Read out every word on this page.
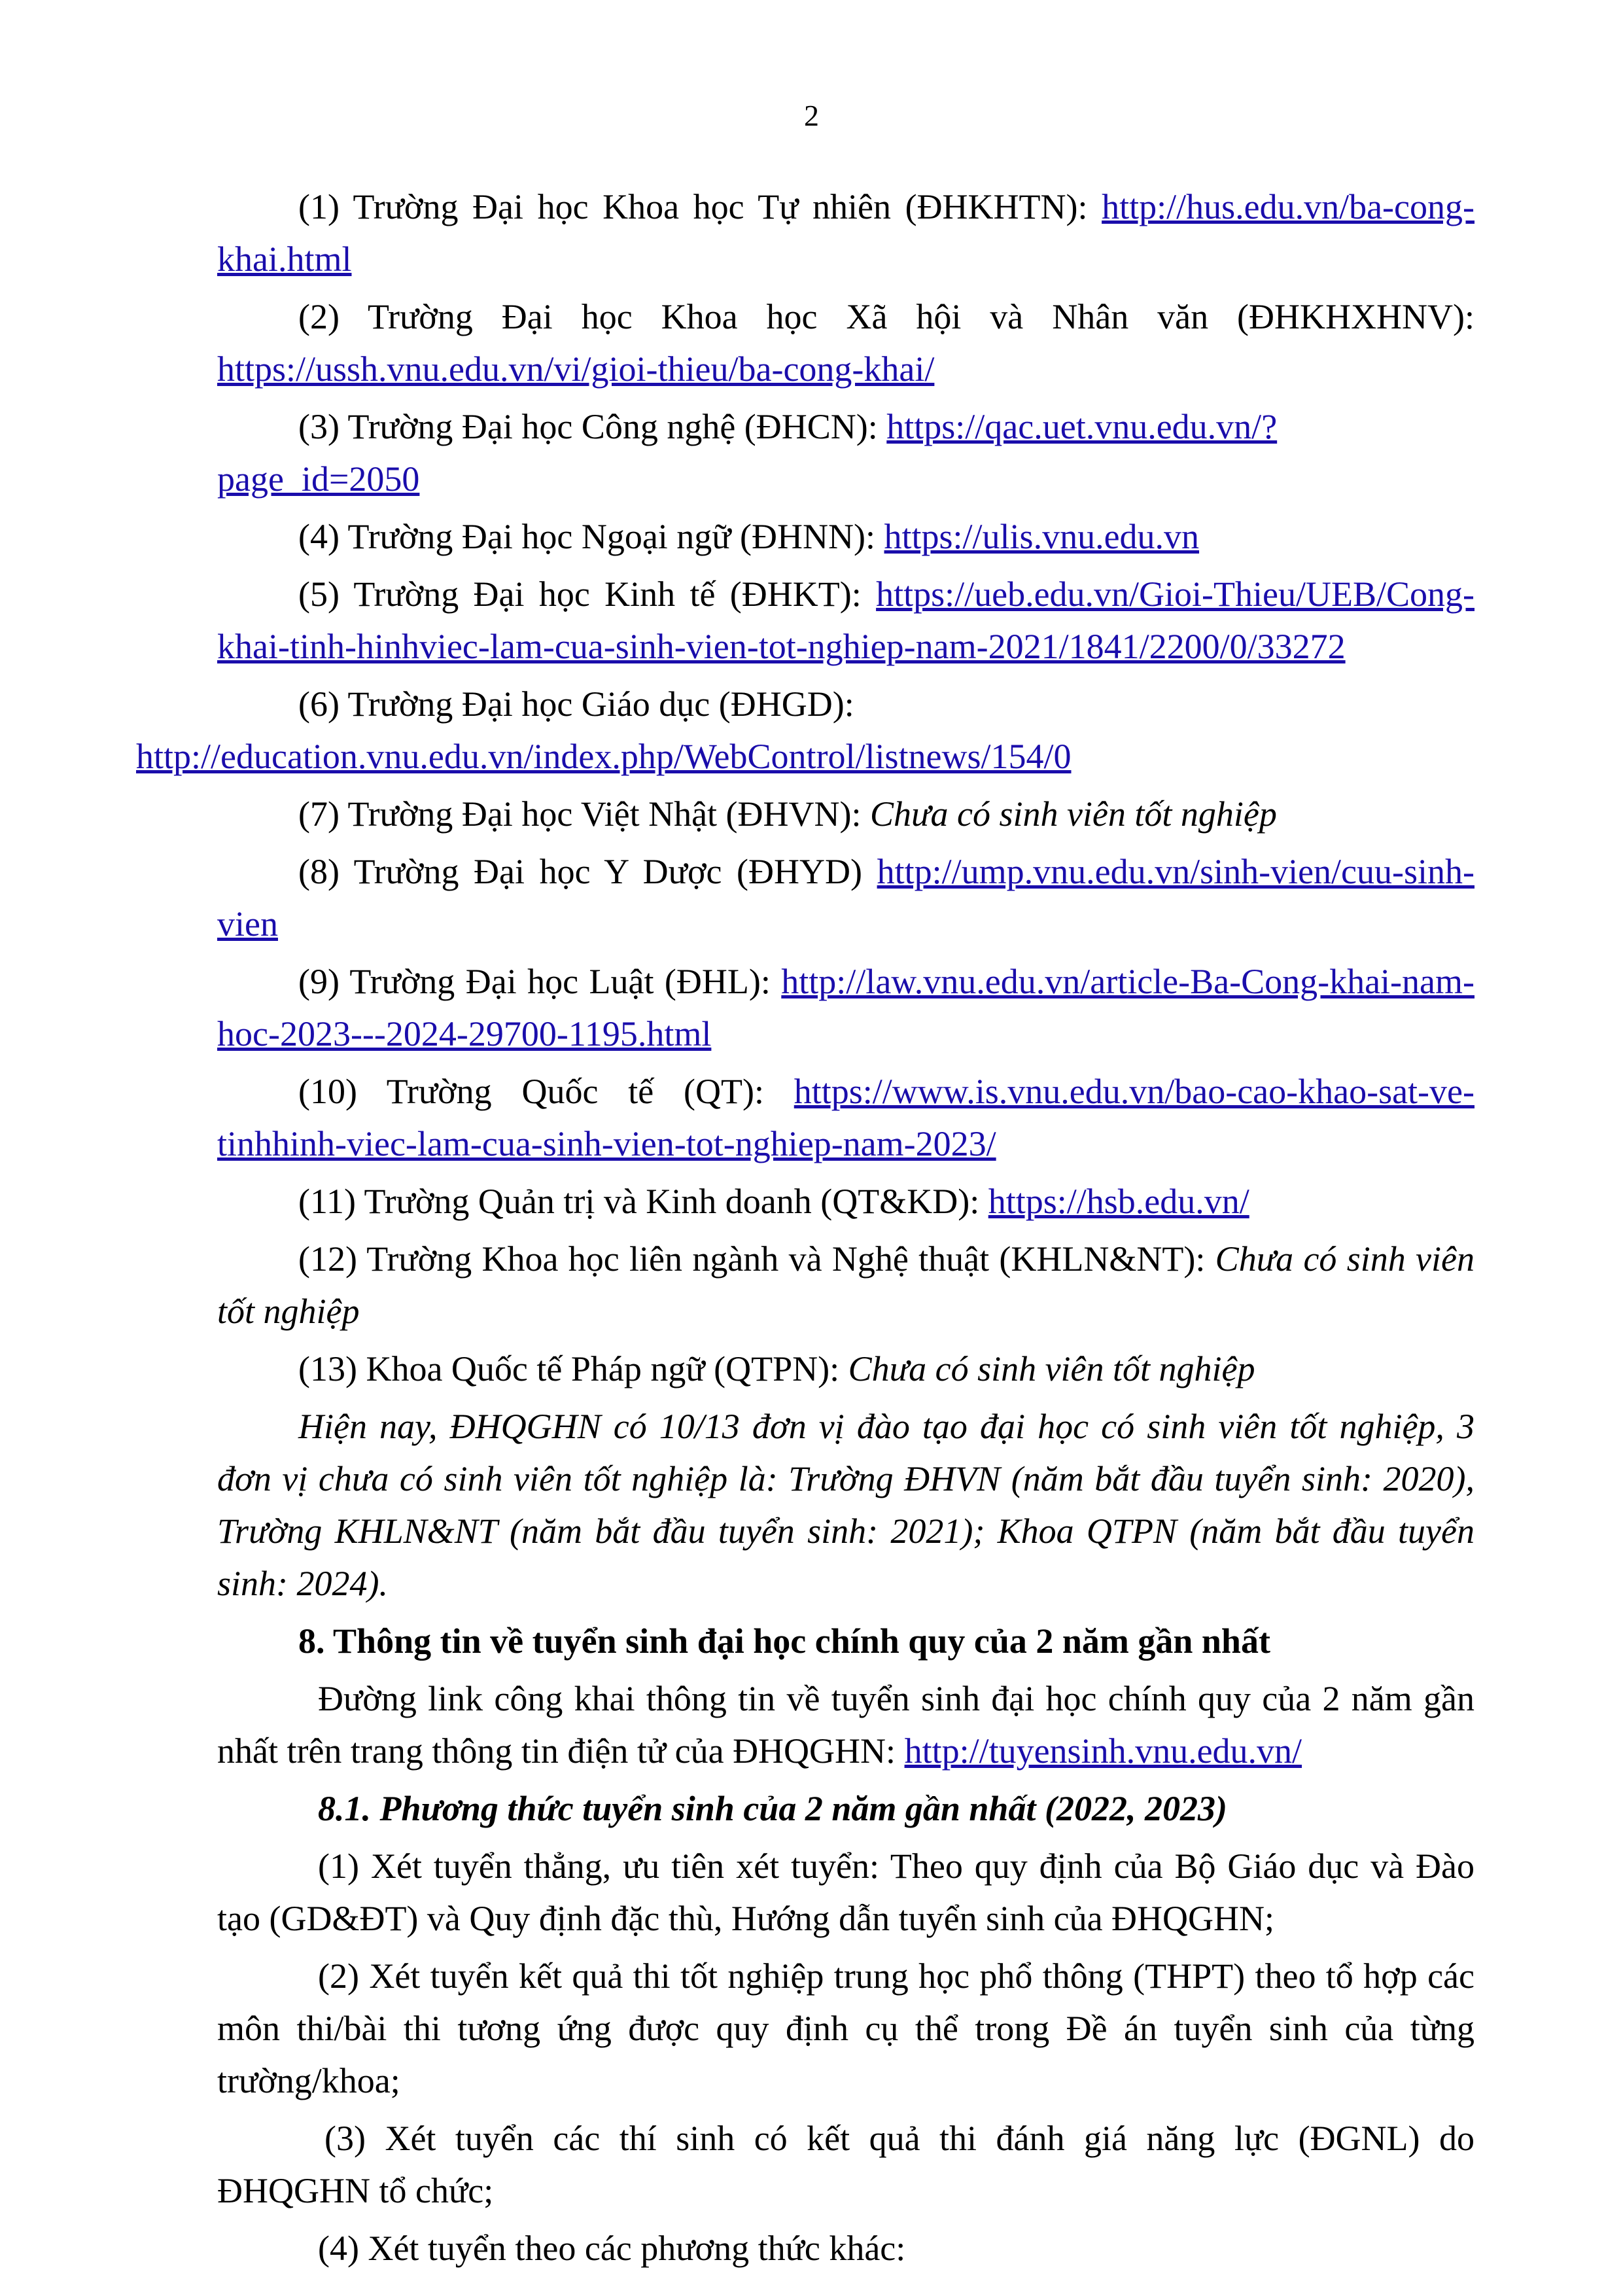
2

(1) Trường Đại học Khoa học Tự nhiên (ĐHKHTN): http://hus.edu.vn/ba-cong-khai.html

(2) Trường Đại học Khoa học Xã hội và Nhân văn (ĐHKHXHNV): https://ussh.vnu.edu.vn/vi/gioi-thieu/ba-cong-khai/

(3) Trường Đại học Công nghệ (ĐHCN): https://qac.uet.vnu.edu.vn/?page_id=2050

(4) Trường Đại học Ngoại ngữ (ĐHNN): https://ulis.vnu.edu.vn

(5) Trường Đại học Kinh tế (ĐHKT): https://ueb.edu.vn/Gioi-Thieu/UEB/Cong-khai-tinh-hinhviec-lam-cua-sinh-vien-tot-nghiep-nam-2021/1841/2200/0/33272

(6) Trường Đại học Giáo dục (ĐHGD):
http://education.vnu.edu.vn/index.php/WebControl/listnews/154/0

(7) Trường Đại học Việt Nhật (ĐHVN): Chưa có sinh viên tốt nghiệp

(8) Trường Đại học Y Dược (ĐHYD) http://ump.vnu.edu.vn/sinh-vien/cuu-sinh-vien

(9) Trường Đại học Luật (ĐHL): http://law.vnu.edu.vn/article-Ba-Cong-khai-nam-hoc-2023---2024-29700-1195.html

(10) Trường Quốc tế (QT): https://www.is.vnu.edu.vn/bao-cao-khao-sat-ve-tinhhinh-viec-lam-cua-sinh-vien-tot-nghiep-nam-2023/

(11) Trường Quản trị và Kinh doanh (QT&KD): https://hsb.edu.vn/

(12) Trường Khoa học liên ngành và Nghệ thuật (KHLN&NT): Chưa có sinh viên tốt nghiệp

(13) Khoa Quốc tế Pháp ngữ (QTPN): Chưa có sinh viên tốt nghiệp

Hiện nay, ĐHQGHN có 10/13 đơn vị đào tạo đại học có sinh viên tốt nghiệp, 3 đơn vị chưa có sinh viên tốt nghiệp là: Trường ĐHVN (năm bắt đầu tuyển sinh: 2020), Trường KHLN&NT (năm bắt đầu tuyển sinh: 2021); Khoa QTPN (năm bắt đầu tuyển sinh: 2024).

8. Thông tin về tuyển sinh đại học chính quy của 2 năm gần nhất

Đường link công khai thông tin về tuyển sinh đại học chính quy của 2 năm gần nhất trên trang thông tin điện tử của ĐHQGHN: http://tuyensinh.vnu.edu.vn/

8.1. Phương thức tuyển sinh của 2 năm gần nhất (2022, 2023)

(1) Xét tuyển thẳng, ưu tiên xét tuyển: Theo quy định của Bộ Giáo dục và Đào tạo (GD&ĐT) và Quy định đặc thù, Hướng dẫn tuyển sinh của ĐHQGHN;

(2) Xét tuyển kết quả thi tốt nghiệp trung học phổ thông (THPT) theo tổ hợp các môn thi/bài thi tương ứng được quy định cụ thể trong Đề án tuyển sinh của từng trường/khoa;

(3) Xét tuyển các thí sinh có kết quả thi đánh giá năng lực (ĐGNL) do ĐHQGHN tổ chức;

(4) Xét tuyển theo các phương thức khác:
